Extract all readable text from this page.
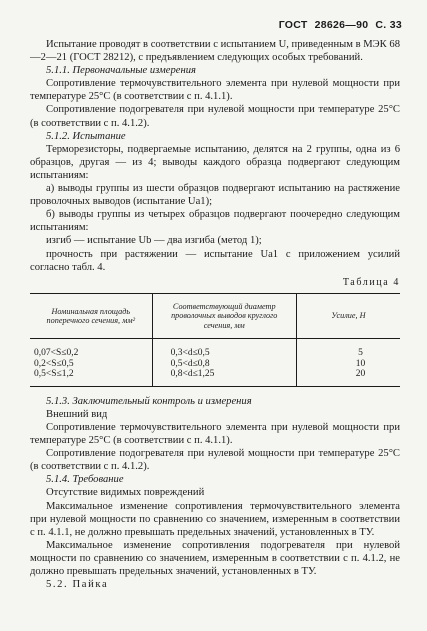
ГОСТ 28626—90 С. 33

Испытание проводят в соответствии с испытанием U, приведенным в МЭК 68—2—21 (ГОСТ 28212), с предъявлением следующих особых требований.

5.1.1. Первоначальные измерения

Сопротивление термочувствительного элемента при нулевой мощности при температуре 25°C (в соответствии с п. 4.1.1).

Сопротивление подогревателя при нулевой мощности при температуре 25°C (в соответствии с п. 4.1.2).

5.1.2. Испытание

Терморезисторы, подвергаемые испытанию, делятся на 2 группы, одна из 6 образцов, другая — из 4; выводы каждого образца подвергают следующим испытаниям:

а) выводы группы из шести образцов подвергают испытанию на растяжение проволочных выводов (испытание Ua1);

б) выводы группы из четырех образцов подвергают поочередно следующим испытаниям:

изгиб — испытание Ub — два изгиба (метод 1);

прочность при растяжении — испытание Ua1 с приложением усилий согласно табл. 4.

Таблица 4
Номинальная площадь поперечного сечения, мм²	Соответствующий диаметр проволочных выводов круглого сечения, мм	Усилие, Н
0,07<S≤0,2	0,3<d≤0,5	5
0,2<S≤0,5	0,5<d≤0,8	10
0,5<S≤1,2	0,8<d≤1,25	20

5.1.3. Заключительный контроль и измерения

Внешний вид

Сопротивление термочувствительного элемента при нулевой мощности при температуре 25°C (в соответствии с п. 4.1.1).

Сопротивление подогревателя при нулевой мощности при температуре 25°C (в соответствии с п. 4.1.2).

5.1.4. Требование

Отсутствие видимых повреждений

Максимальное изменение сопротивления термочувствительного элемента при нулевой мощности по сравнению со значением, измеренным в соответствии с п. 4.1.1, не должно превышать предельных значений, установленных в ТУ.

Максимальное изменение сопротивления подогревателя при нулевой мощности по сравнению со значением, измеренным в соответствии с п. 4.1.2, не должно превышать предельных значений, установленных в ТУ.

5.2. Пайка
